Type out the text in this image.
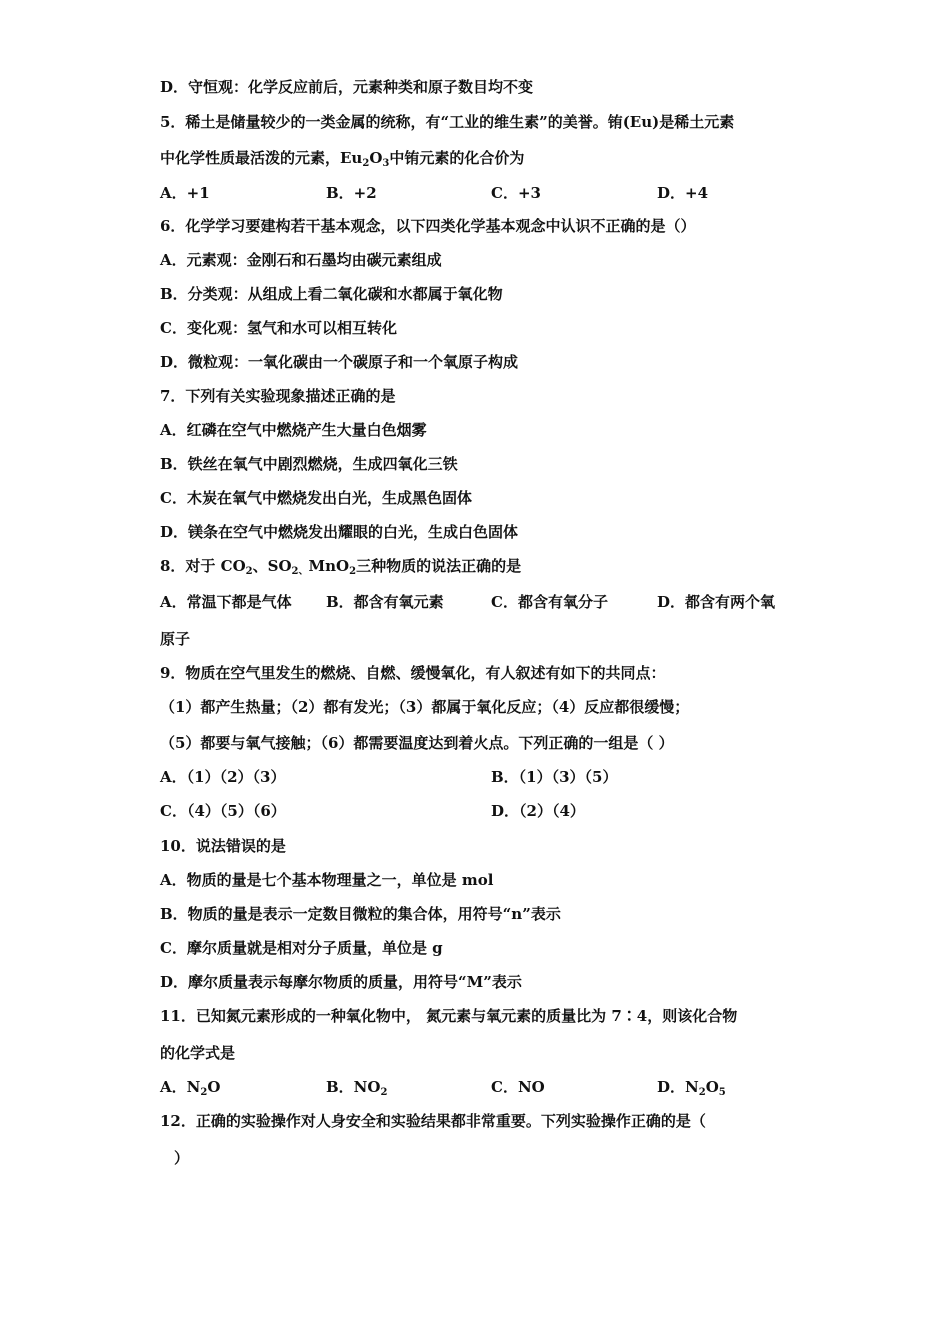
D．守恒观：化学反应前后，元素种类和原子数目均不变
5．稀土是储量较少的一类金属的统称，有“工业的维生素”的美誉。铕(Eu)是稀土元素
中化学性质最活泼的元素，$Eu_2O_3$中铕元素的化合价为
A．+1	B．+2	C．+3	D．+4
6．化学学习要建构若干基本观念，以下四类化学基本观念中认识不正确的是（）
A．元素观：金刚石和石墨均由碳元素组成
B．分类观：从组成上看二氧化碳和水都属于氧化物
C．变化观：氢气和水可以相互转化
D．微粒观：一氧化碳由一个碳原子和一个氧原子构成
7．下列有关实验现象描述正确的是
A．红磷在空气中燃烧产生大量白色烟雾
B．铁丝在氧气中剧烈燃烧，生成四氧化三铁
C．木炭在氧气中燃烧发出白光，生成黑色固体
D．镁条在空气中燃烧发出耀眼的白光，生成白色固体
8．对于 $CO_2$、$SO_{2、}MnO_2$三种物质的说法正确的是
A．常温下都是气体 B．都含有氧元素	C．都含有氧分子	D．都含有两个氧
原子
9．物质在空气里发生的燃烧、自燃、缓慢氧化，有人叙述有如下的共同点：
（1）都产生热量；（2）都有发光；（3）都属于氧化反应；（4）反应都很缓慢；
（5）都要与氧气接触；（6）都需要温度达到着火点。下列正确的一组是（ ）
A．（1）（2）（3）	B．（1）（3）（5）
C．（4）（5）（6）	D．（2）（4）
10．说法错误的是
A．物质的量是七个基本物理量之一，单位是 mol
B．物质的量是表示一定数目微粒的集合体，用符号“n”表示
C．摩尔质量就是相对分子质量，单位是 g
D．摩尔质量表示每摩尔物质的质量，用符号“M”表示
11．已知氮元素形成的一种氧化物中， 氮元素与氧元素的质量比为 7∶4，则该化合物
的化学式是
A．$N_2O$	B．$NO_2$	C．NO	D．$N_2O_5$
12．正确的实验操作对人身安全和实验结果都非常重要。下列实验操作正确的是（
）
